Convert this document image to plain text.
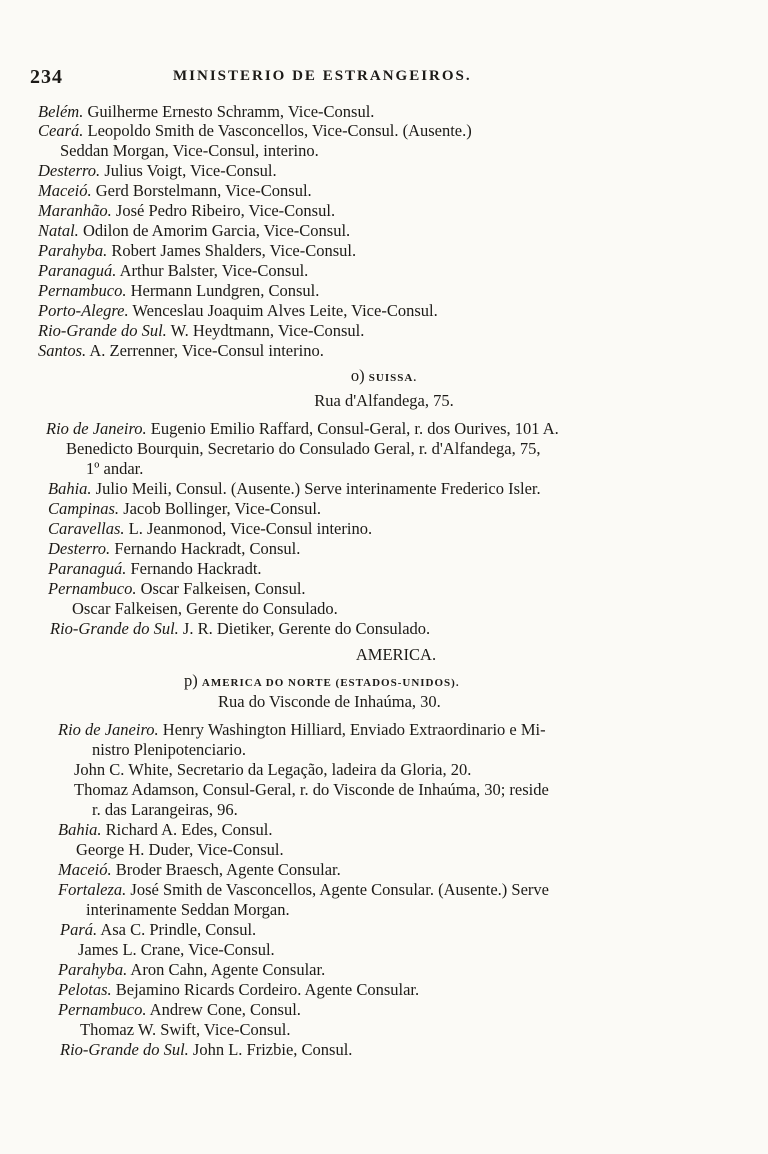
234	MINISTERIO DE ESTRANGEIROS.
Belém. Guilherme Ernesto Schramm, Vice-Consul.
Ceará. Leopoldo Smith de Vasconcellos, Vice-Consul. (Ausente.)
Seddan Morgan, Vice-Consul, interino.
Desterro. Julius Voigt, Vice-Consul.
Maceió. Gerd Borstelmann, Vice-Consul.
Maranhão. José Pedro Ribeiro, Vice-Consul.
Natal. Odilon de Amorim Garcia, Vice-Consul.
Parahyba. Robert James Shalders, Vice-Consul.
Paranaguá. Arthur Balster, Vice-Consul.
Pernambuco. Hermann Lundgren, Consul.
Porto-Alegre. Wenceslau Joaquim Alves Leite, Vice-Consul.
Rio-Grande do Sul. W. Heydtmann, Vice-Consul.
Santos. A. Zerrenner, Vice-Consul interino.
o) SUISSA.
Rua d'Alfandega, 75.
Rio de Janeiro. Eugenio Emilio Raffard, Consul-Geral, r. dos Ourives, 101 A.
Benedicto Bourquin, Secretario do Consulado Geral, r. d'Alfandega, 75,
1º andar.
Bahia. Julio Meili, Consul. (Ausente.) Serve interinamente Frederico Isler.
Campinas. Jacob Bollinger, Vice-Consul.
Caravellas. L. Jeanmonod, Vice-Consul interino.
Desterro. Fernando Hackradt, Consul.
Paranaguá. Fernando Hackradt.
Pernambuco. Oscar Falkeisen, Consul.
Oscar Falkeisen, Gerente do Consulado.
Rio-Grande do Sul. J. R. Dietiker, Gerente do Consulado.
AMERICA.
p) AMERICA DO NORTE (ESTADOS-UNIDOS).
Rua do Visconde de Inhaúma, 30.
Rio de Janeiro. Henry Washington Hilliard, Enviado Extraordinario e Mi-
nistro Plenipotenciario.
John C. White, Secretario da Legação, ladeira da Gloria, 20.
Thomaz Adamson, Consul-Geral, r. do Visconde de Inhaúma, 30; reside
r. das Larangeiras, 96.
Bahia. Richard A. Edes, Consul.
George H. Duder, Vice-Consul.
Maceió. Broder Braesch, Agente Consular.
Fortaleza. José Smith de Vasconcellos, Agente Consular. (Ausente.) Serve
interinamente Seddan Morgan.
Pará. Asa C. Prindle, Consul.
James L. Crane, Vice-Consul.
Parahyba. Aron Cahn, Agente Consular.
Pelotas. Bejamino Ricards Cordeiro. Agente Consular.
Pernambuco. Andrew Cone, Consul.
Thomaz W. Swift, Vice-Consul.
Rio-Grande do Sul. John L. Frizbie, Consul.
